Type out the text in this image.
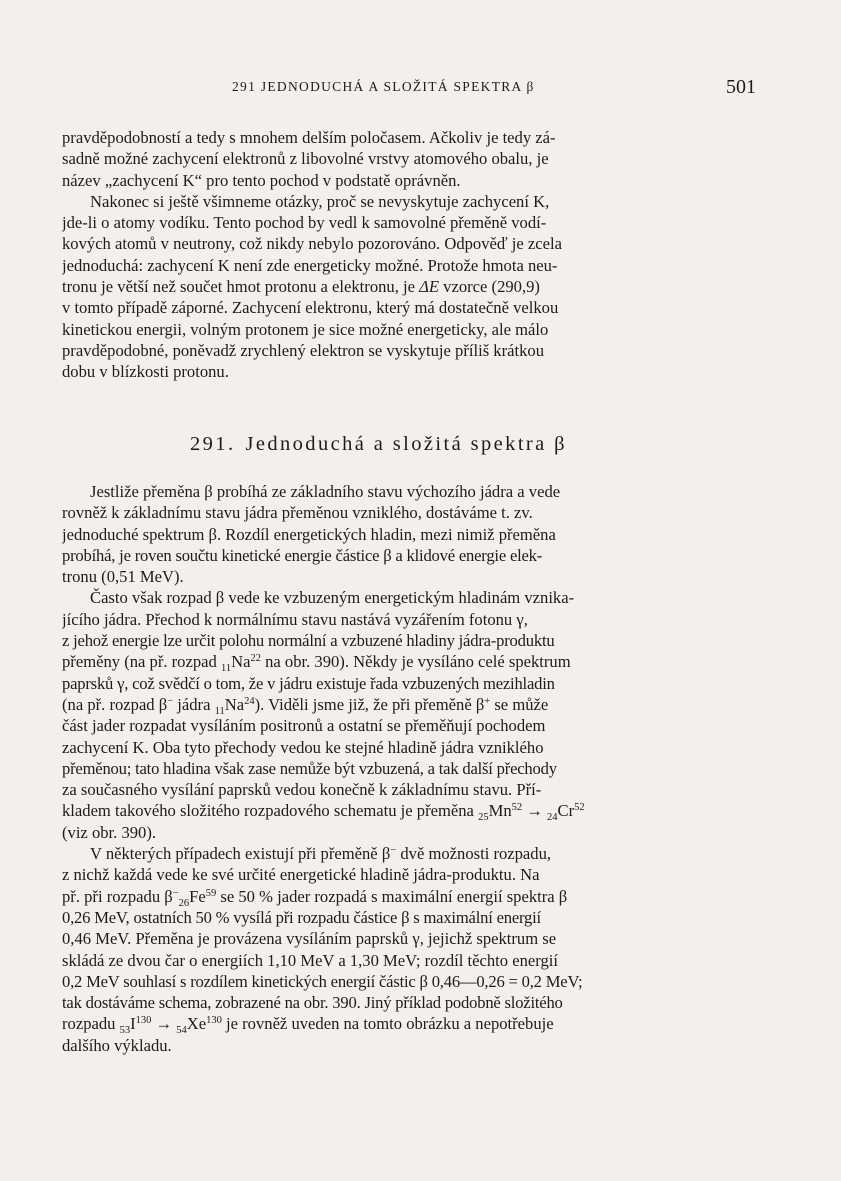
291 JEDNODUCHÁ A SLOŽITÁ SPEKTRA β	501
pravděpodobností a tedy s mnohem delším poločasem. Ačkoliv je tedy zá-
sadně možné zachycení elektronů z libovolné vrstvy atomového obalu, je
název „zachycení K“ pro tento pochod v podstatě oprávněn.
Nakonec si ještě všimneme otázky, proč se nevyskytuje zachycení K,
jde-li o atomy vodíku. Tento pochod by vedl k samovolné přeměně vodí-
kových atomů v neutrony, což nikdy nebylo pozorováno. Odpověď je zcela
jednoduchá: zachycení K není zde energeticky možné. Protože hmota neu-
tronu je větší než součet hmot protonu a elektronu, je ΔE vzorce (290,9)
v tomto případě záporné. Zachycení elektronu, který má dostatečně velkou
kinetickou energii, volným protonem je sice možné energeticky, ale málo
pravděpodobné, poněvadž zrychlený elektron se vyskytuje příliš krátkou
dobu v blízkosti protonu.
291. Jednoduchá a složitá spektra β
Jestliže přeměna β probíhá ze základního stavu výchozího jádra a vede
rovněž k základnímu stavu jádra přeměnou vzniklého, dostáváme t. zv.
jednoduché spektrum β. Rozdíl energetických hladin, mezi nimiž přeměna
probíhá, je roven součtu kinetické energie částice β a klidové energie elek-
tronu (0,51 MeV).
Často však rozpad β vede ke vzbuzeným energetickým hladinám vznika-
jícího jádra. Přechod k normálnímu stavu nastává vyzářením fotonu γ,
z jehož energie lze určit polohu normální a vzbuzené hladiny jádra-produktu
přeměny (na př. rozpad $_{11}Na^{22}$ na obr. 390). Někdy je vysíláno celé spektrum
paprsků γ, což svědčí o tom, že v jádru existuje řada vzbuzených mezihladin
(na př. rozpad β− jádra $_{11}Na^{24}$). Viděli jsme již, že při přeměně β+ se může
část jader rozpadat vysíláním positronů a ostatní se přeměňují pochodem
zachycení K. Oba tyto přechody vedou ke stejné hladině jádra vzniklého
přeměnou; tato hladina však zase nemůže být vzbuzená, a tak další přechody
za současného vysílání paprsků vedou konečně k základnímu stavu. Pří-
kladem takového složitého rozpadového schematu je přeměna $_{25}Mn^{52} \to _{24}Cr^{52}$
(viz obr. 390).
V některých případech existují při přeměně β− dvě možnosti rozpadu,
z nichž každá vede ke své určité energetické hladině jádra-produktu. Na
př. při rozpadu $\beta^-_{26}Fe^{59}$ se 50 % jader rozpadá s maximální energií spektra β
0,26 MeV, ostatních 50 % vysílá při rozpadu částice β s maximální energií
0,46 MeV. Přeměna je provázena vysíláním paprsků γ, jejichž spektrum se
skládá ze dvou čar o energiích 1,10 MeV a 1,30 MeV; rozdíl těchto energií
0,2 MeV souhlasí s rozdílem kinetických energií částic β 0,46—0,26 = 0,2 MeV;
tak dostáváme schema, zobrazené na obr. 390. Jiný příklad podobně složitého
rozpadu $_{53}I^{130} \to _{54}Xe^{130}$ je rovněž uveden na tomto obrázku a nepotřebuje
dalšího výkladu.
